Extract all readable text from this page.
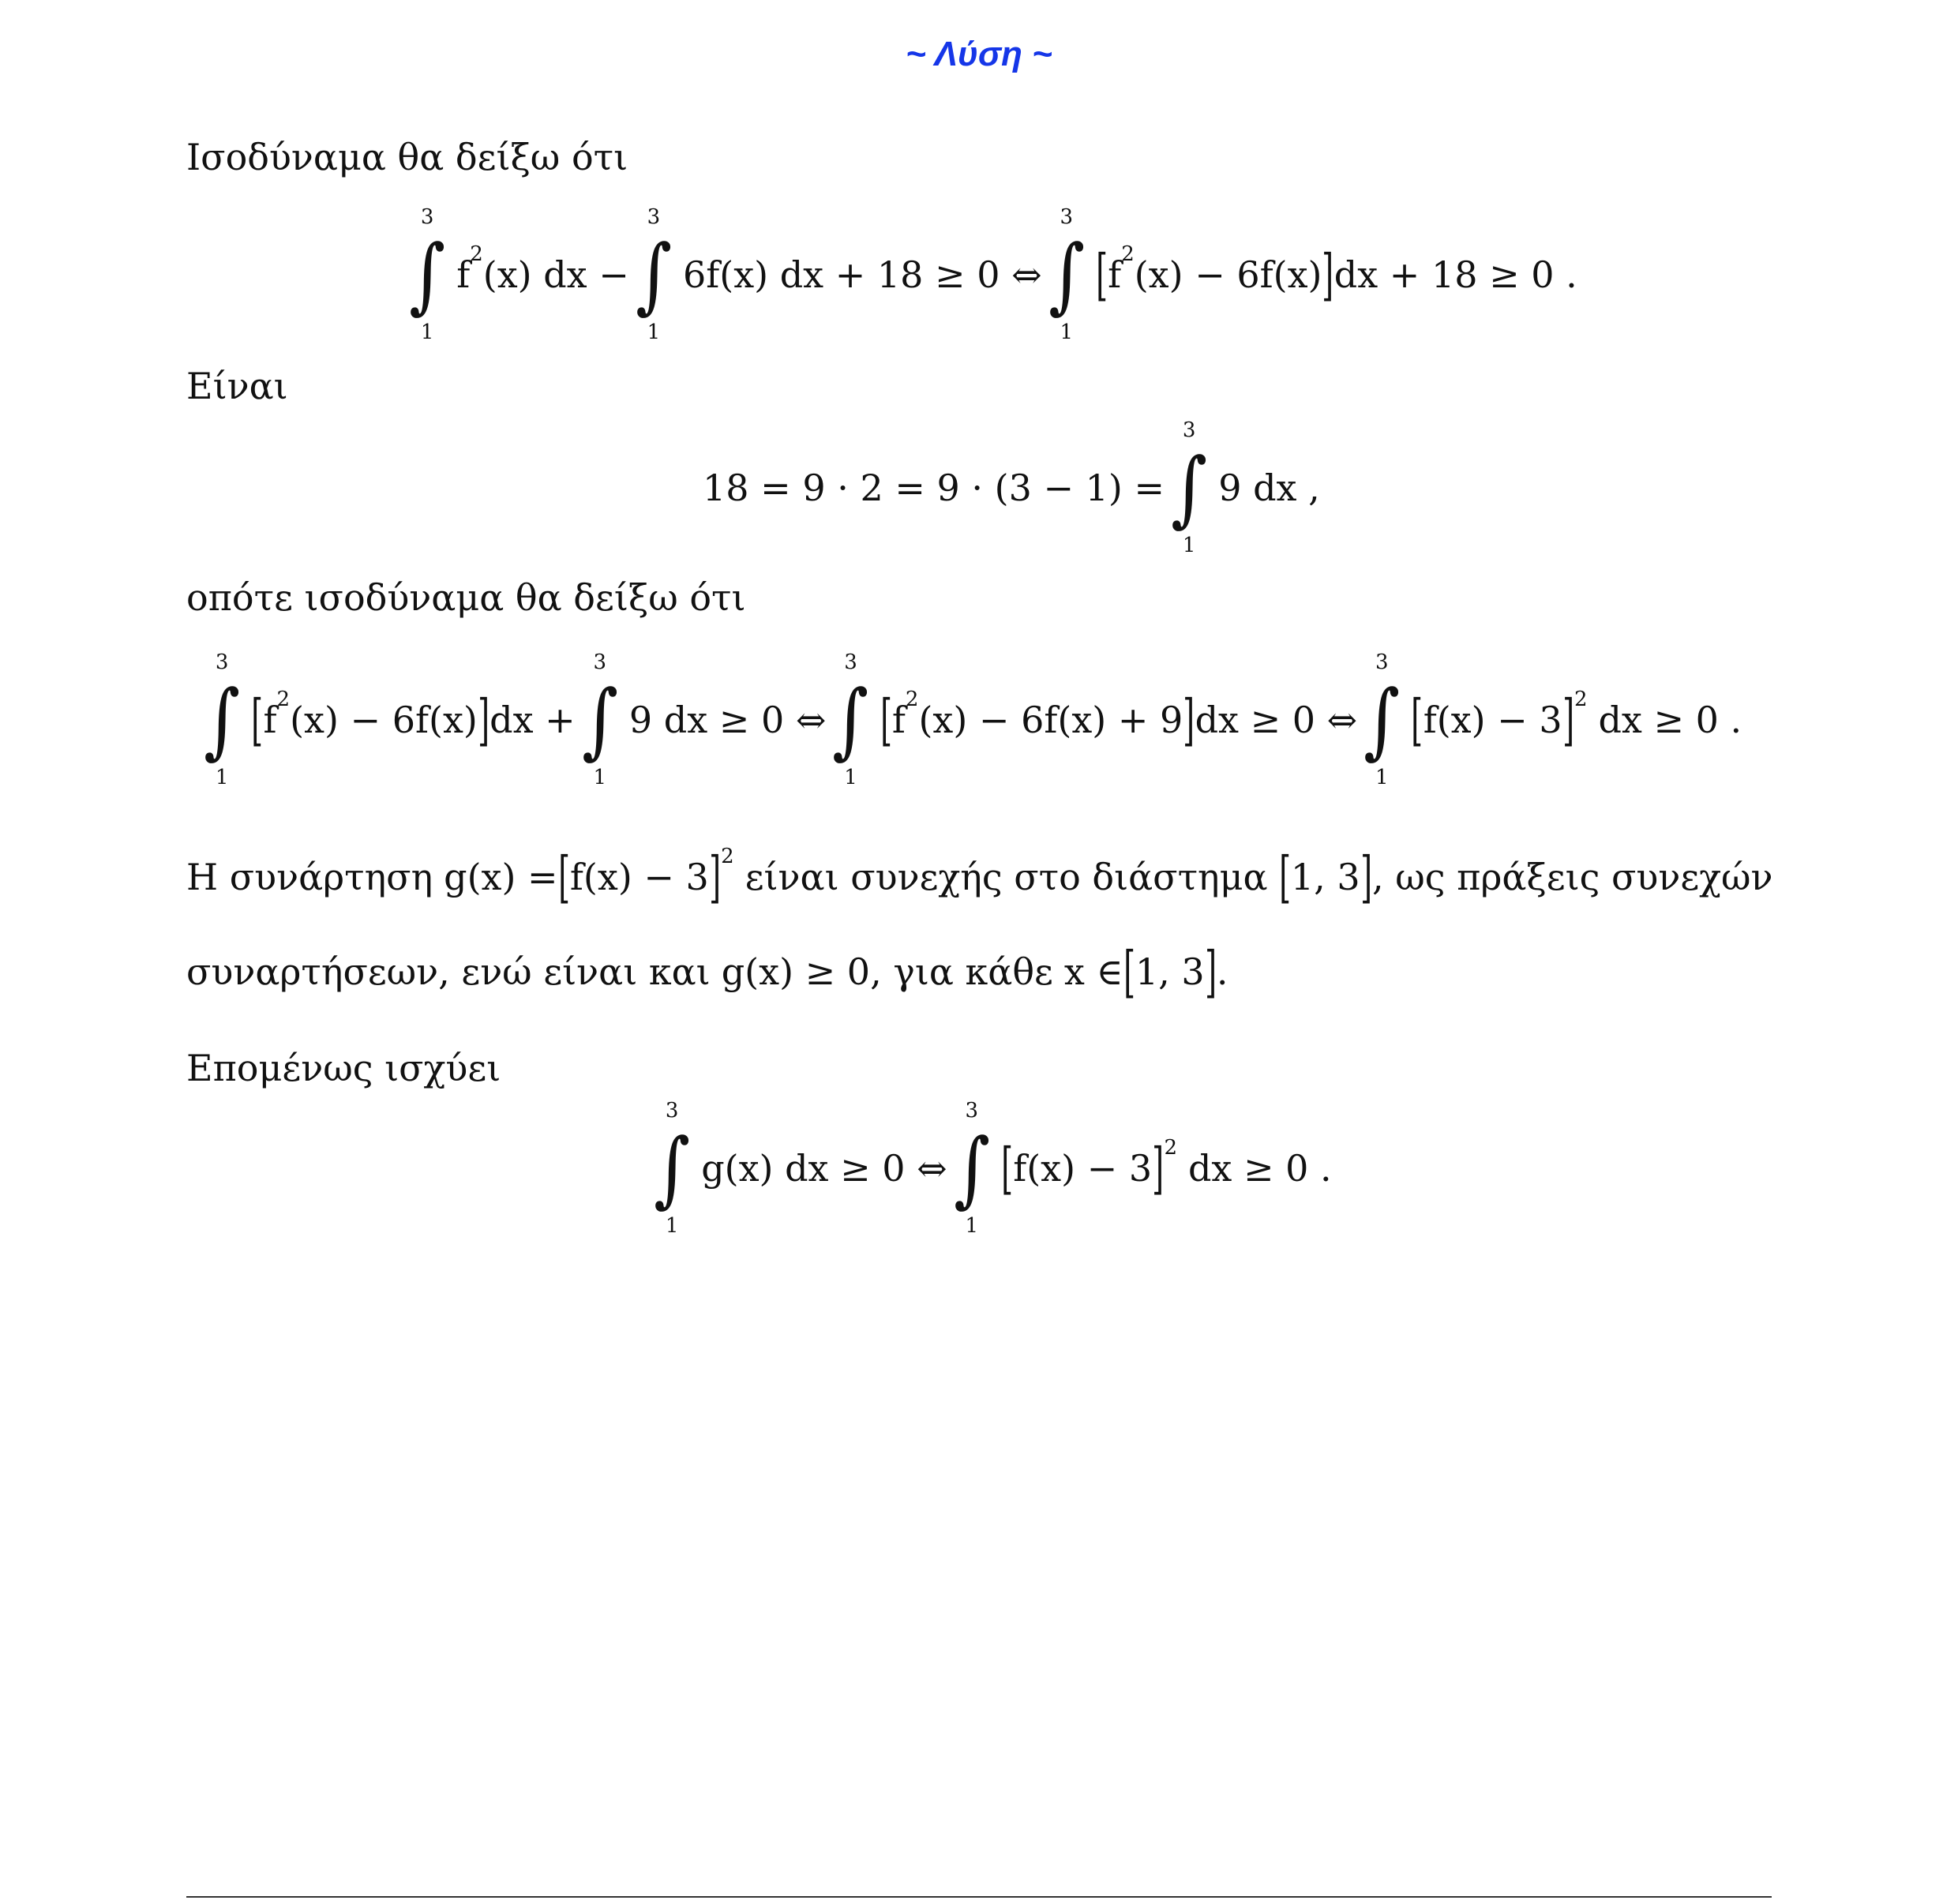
~ Λύση ~
Ισοδύναμα θα δείξω ότι
3
∫
1
f 2 (x) dx −
3
∫
1
6f(x) dx + 18 ≥ 0 ⇔
3
∫
1
[ f 2 (x) − 6f(x) ] dx + 18 ≥ 0 .
Είναι
18 = 9 · 2 = 9 · (3 − 1) =
3
∫
1
9 dx ,
οπότε ισοδύναμα θα δείξω ότι
3
∫
1
[ f 2 (x) − 6f(x) ] dx +
3
∫
1
9 dx ≥ 0 ⇔
3
∫
1
[ f 2 (x) − 6f(x) + 9 ] dx ≥ 0 ⇔
3
∫
1
[ f(x) − 3 ] 2 dx ≥ 0 .
Η συνάρτηση g(x) = [ f(x) − 3 ] 2 είναι συνεχής στο διάστημα [ 1, 3 ] , ως πράξεις συνεχών
συναρτήσεων, ενώ είναι και g(x) ≥ 0 , για κάθε x ∈ [ 1, 3 ] .
Επομένως ισχύει
3
∫
1
g(x) dx ≥ 0 ⇔
3
∫
1
[ f(x) − 3 ] 2 dx ≥ 0 .
